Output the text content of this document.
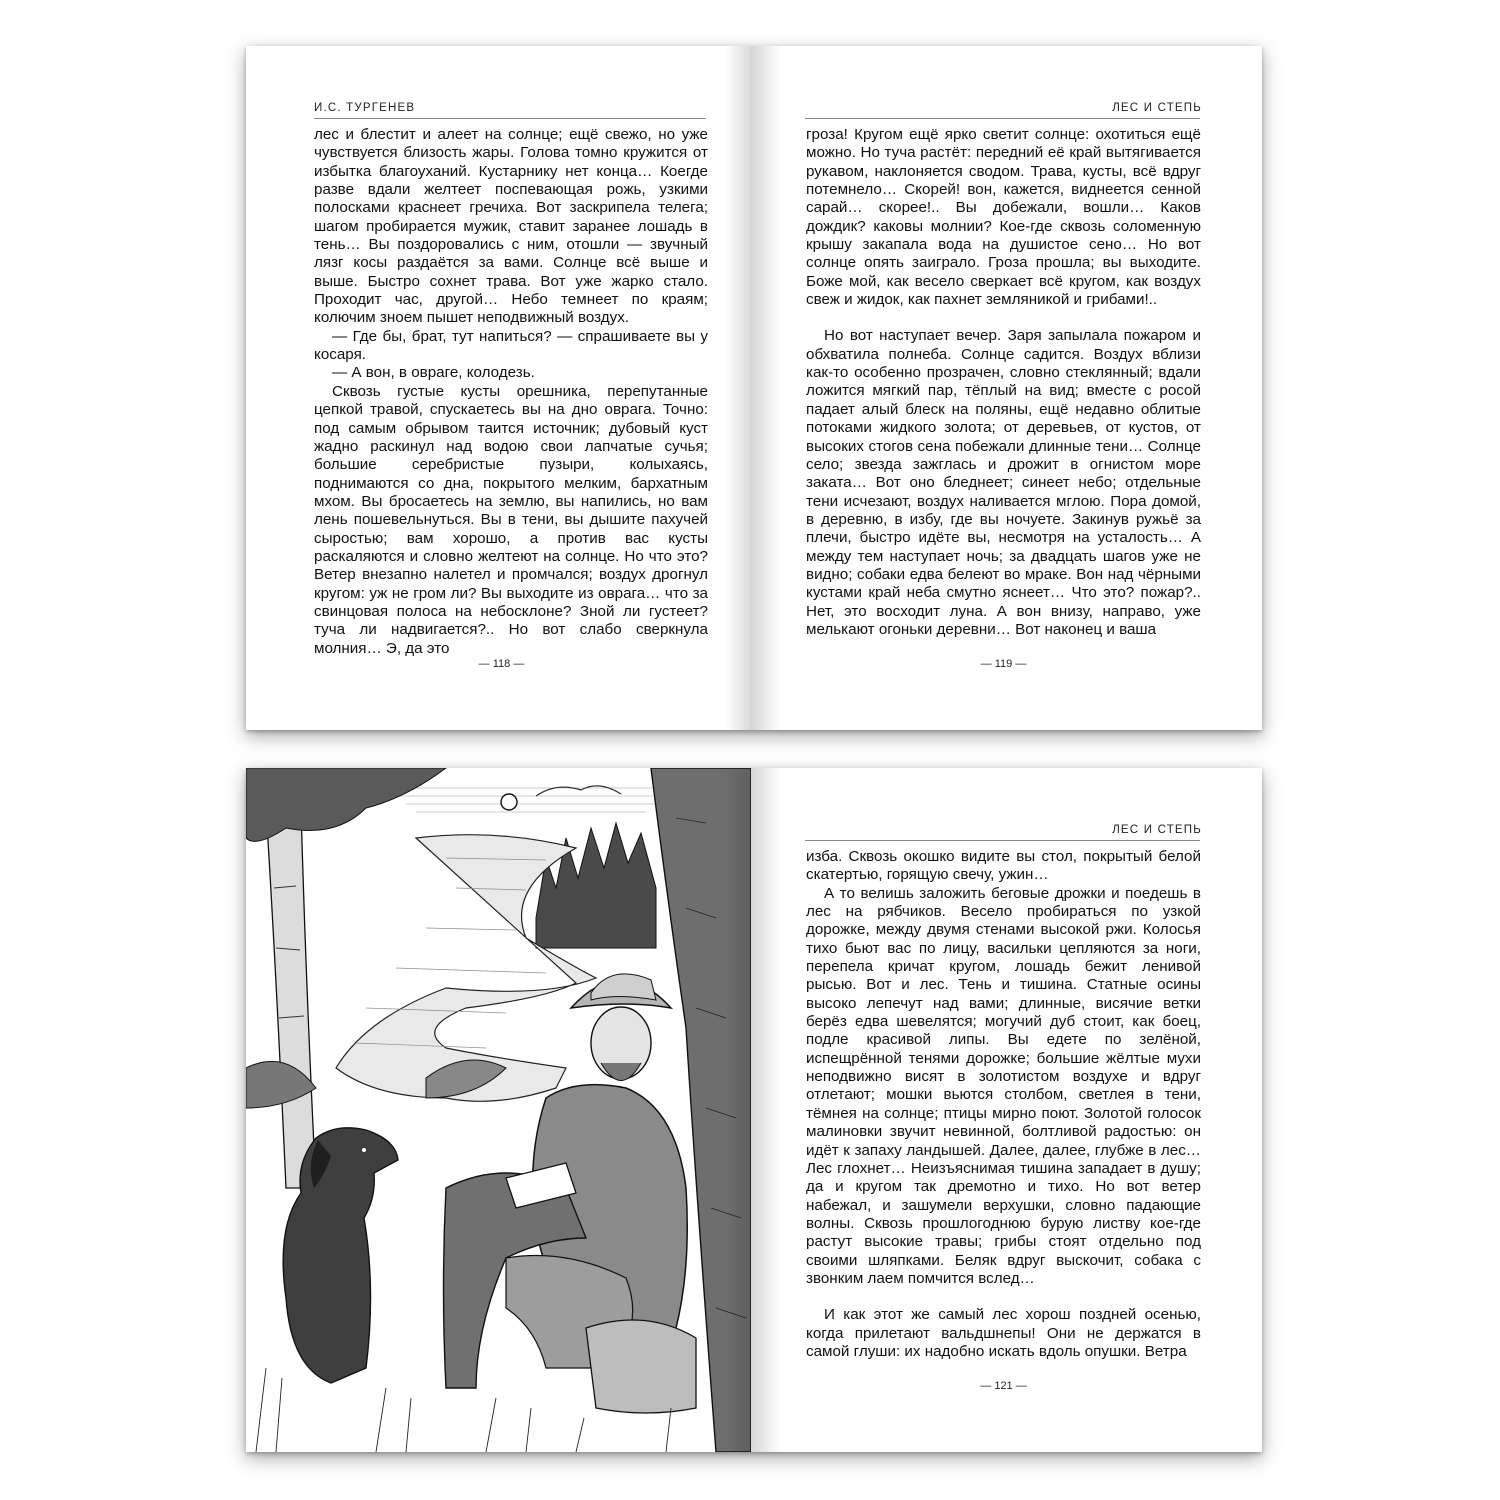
И.С. ТУРГЕНЕВ

лес и блестит и алеет на солнце; ещё свежо, но уже чувствуется близость жары. Голова томно кружится от избытка благоуханий. Кустарнику нет конца… Коегде разве вдали желтеет поспевающая рожь, узкими полосками краснеет гречиха. Вот заскрипела телега; шагом пробирается мужик, ставит заранее лошадь в тень… Вы поздоровались с ним, отошли — звучный лязг косы раздаётся за вами. Солнце всё выше и выше. Быстро сохнет трава. Вот уже жарко стало. Проходит час, другой… Небо темнеет по краям; колючим зноем пышет неподвижный воздух.

— Где бы, брат, тут напиться? — спрашиваете вы у косаря.

— А вон, в овраге, колодезь.

Сквозь густые кусты орешника, перепутанные цепкой травой, спускаетесь вы на дно оврага. Точно: под самым обрывом таится источник; дубовый куст жадно раскинул над водою свои лапчатые сучья; большие серебристые пузыри, колыхаясь, поднимаются со дна, покрытого мелким, бархатным мхом. Вы бросаетесь на землю, вы напились, но вам лень пошевельнуться. Вы в тени, вы дышите пахучей сыростью; вам хорошо, а против вас кусты раскаляются и словно желтеют на солнце. Но что это? Ветер внезапно налетел и промчался; воздух дрогнул кругом: уж не гром ли? Вы выходите из оврага… что за свинцовая полоса на небосклоне? Зной ли густеет? туча ли надвигается?.. Но вот слабо сверкнула молния… Э, да это

— 118 —
ЛЕС И СТЕПЬ

гроза! Кругом ещё ярко светит солнце: охотиться ещё можно. Но туча растёт: передний её край вытягивается рукавом, наклоняется сводом. Трава, кусты, всё вдруг потемнело… Скорей! вон, кажется, виднеется сенной сарай… скорее!.. Вы добежали, вошли… Каков дождик? каковы молнии? Кое-где сквозь соломенную крышу закапала вода на душистое сено… Но вот солнце опять заиграло. Гроза прошла; вы выходите. Боже мой, как весело сверкает всё кругом, как воздух свеж и жидок, как пахнет земляникой и грибами!..

Но вот наступает вечер. Заря запылала пожаром и обхватила полнеба. Солнце садится. Воздух вблизи как-то особенно прозрачен, словно стеклянный; вдали ложится мягкий пар, тёплый на вид; вместе с росой падает алый блеск на поляны, ещё недавно облитые потоками жидкого золота; от деревьев, от кустов, от высоких стогов сена побежали длинные тени… Солнце село; звезда зажглась и дрожит в огнистом море заката… Вот оно бледнеет; синеет небо; отдельные тени исчезают, воздух наливается мглою. Пора домой, в деревню, в избу, где вы ночуете. Закинув ружьё за плечи, быстро идёте вы, несмотря на усталость… А между тем наступает ночь; за двадцать шагов уже не видно; собаки едва белеют во мраке. Вон над чёрными кустами край неба смутно яснеет… Что это? пожар?.. Нет, это восходит луна. А вон внизу, направо, уже мелькают огоньки деревни… Вот наконец и ваша

— 119 —
ЛЕС И СТЕПЬ

изба. Сквозь окошко видите вы стол, покрытый белой скатертью, горящую свечу, ужин…

А то велишь заложить беговые дрожки и поедешь в лес на рябчиков. Весело пробираться по узкой дорожке, между двумя стенами высокой ржи. Колосья тихо бьют вас по лицу, васильки цепляются за ноги, перепела кричат кругом, лошадь бежит ленивой рысью. Вот и лес. Тень и тишина. Статные осины высоко лепечут над вами; длинные, висячие ветки берёз едва шевелятся; могучий дуб стоит, как боец, подле красивой липы. Вы едете по зелёной, испещрённой тенями дорожке; большие жёлтые мухи неподвижно висят в золотистом воздухе и вдруг отлетают; мошки вьются столбом, светлея в тени, тёмнея на солнце; птицы мирно поют. Золотой голосок малиновки звучит невинной, болтливой радостью: он идёт к запаху ландышей. Далее, далее, глубже в лес… Лес глохнет… Неизъяснимая тишина западает в душу; да и кругом так дремотно и тихо. Но вот ветер набежал, и зашумели верхушки, словно падающие волны. Сквозь прошлогоднюю бурую листву кое-где растут высокие травы; грибы стоят отдельно под своими шляпками. Беляк вдруг выскочит, собака с звонким лаем помчится вслед…

И как этот же самый лес хорош поздней осенью, когда прилетают вальдшнепы! Они не держатся в самой глуши: их надобно искать вдоль опушки. Ветра

— 121 —
